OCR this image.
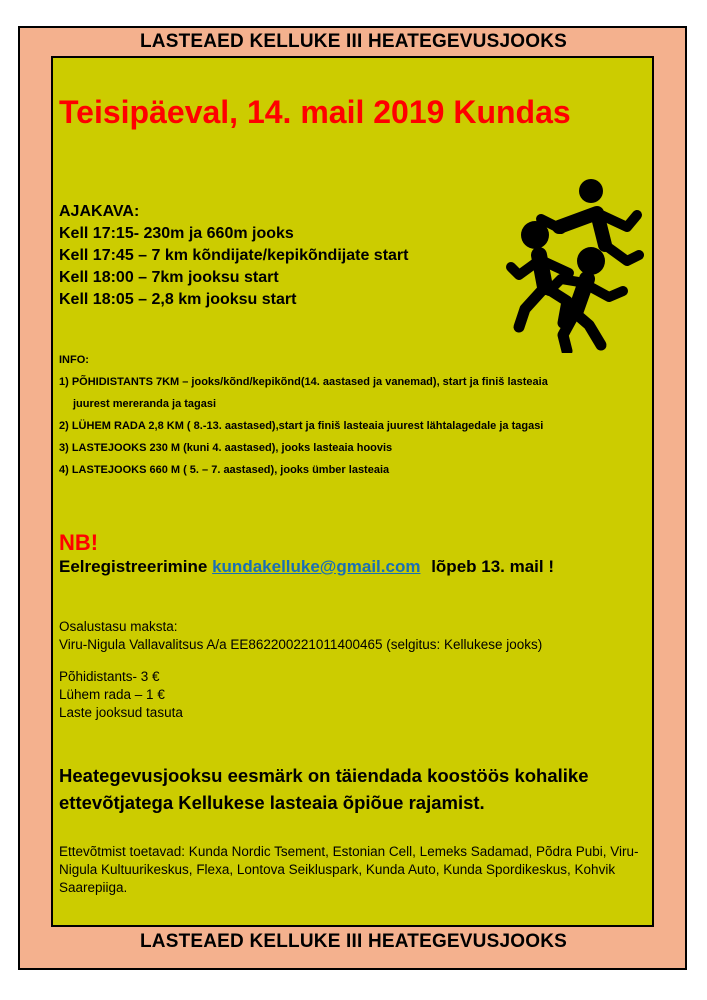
LASTEAED KELLUKE III HEATEGEVUSJOOKS
LASTEAED KELLUKE III HEATEGEVUSJOOKS
Teisipäeval, 14. mail 2019 Kundas
AJAKAVA:
Kell 17:15- 230m ja 660m jooks
Kell 17:45 – 7 km kõndijate/kepikõndijate start
Kell 18:00 – 7km jooksu start
Kell 18:05 – 2,8 km jooksu start
INFO:
1) PÕHIDISTANTS 7KM – jooks/kõnd/kepikõnd(14. aastased ja vanemad), start ja finiš lasteaia
juurest mereranda ja tagasi
2) LÜHEM RADA 2,8 KM ( 8.-13. aastased),start ja finiš lasteaia juurest lähtalagedale ja tagasi
3) LASTEJOOKS 230 M (kuni 4. aastased), jooks lasteaia hoovis
4) LASTEJOOKS 660 M ( 5. – 7. aastased), jooks ümber lasteaia
NB!
Eelregistreerimine kundakelluke@gmail.com lõpeb 13. mail !
Osalustasu maksta:
Viru-Nigula Vallavalitsus A/a EE862200221011400465 (selgitus: Kellukese jooks)
Põhidistants- 3 €
Lühem rada – 1 €
Laste jooksud tasuta
Heategevusjooksu eesmärk on täiendada koostöös kohalike
ettevõtjatega Kellukese lasteaia õpiõue rajamist.
Ettevõtmist toetavad: Kunda Nordic Tsement, Estonian Cell, Lemeks Sadamad, Põdra Pubi, Viru-Nigula Kultuurikeskus, Flexa, Lontova Seikluspark, Kunda Auto, Kunda Spordikeskus, Kohvik Saarepiiga.
